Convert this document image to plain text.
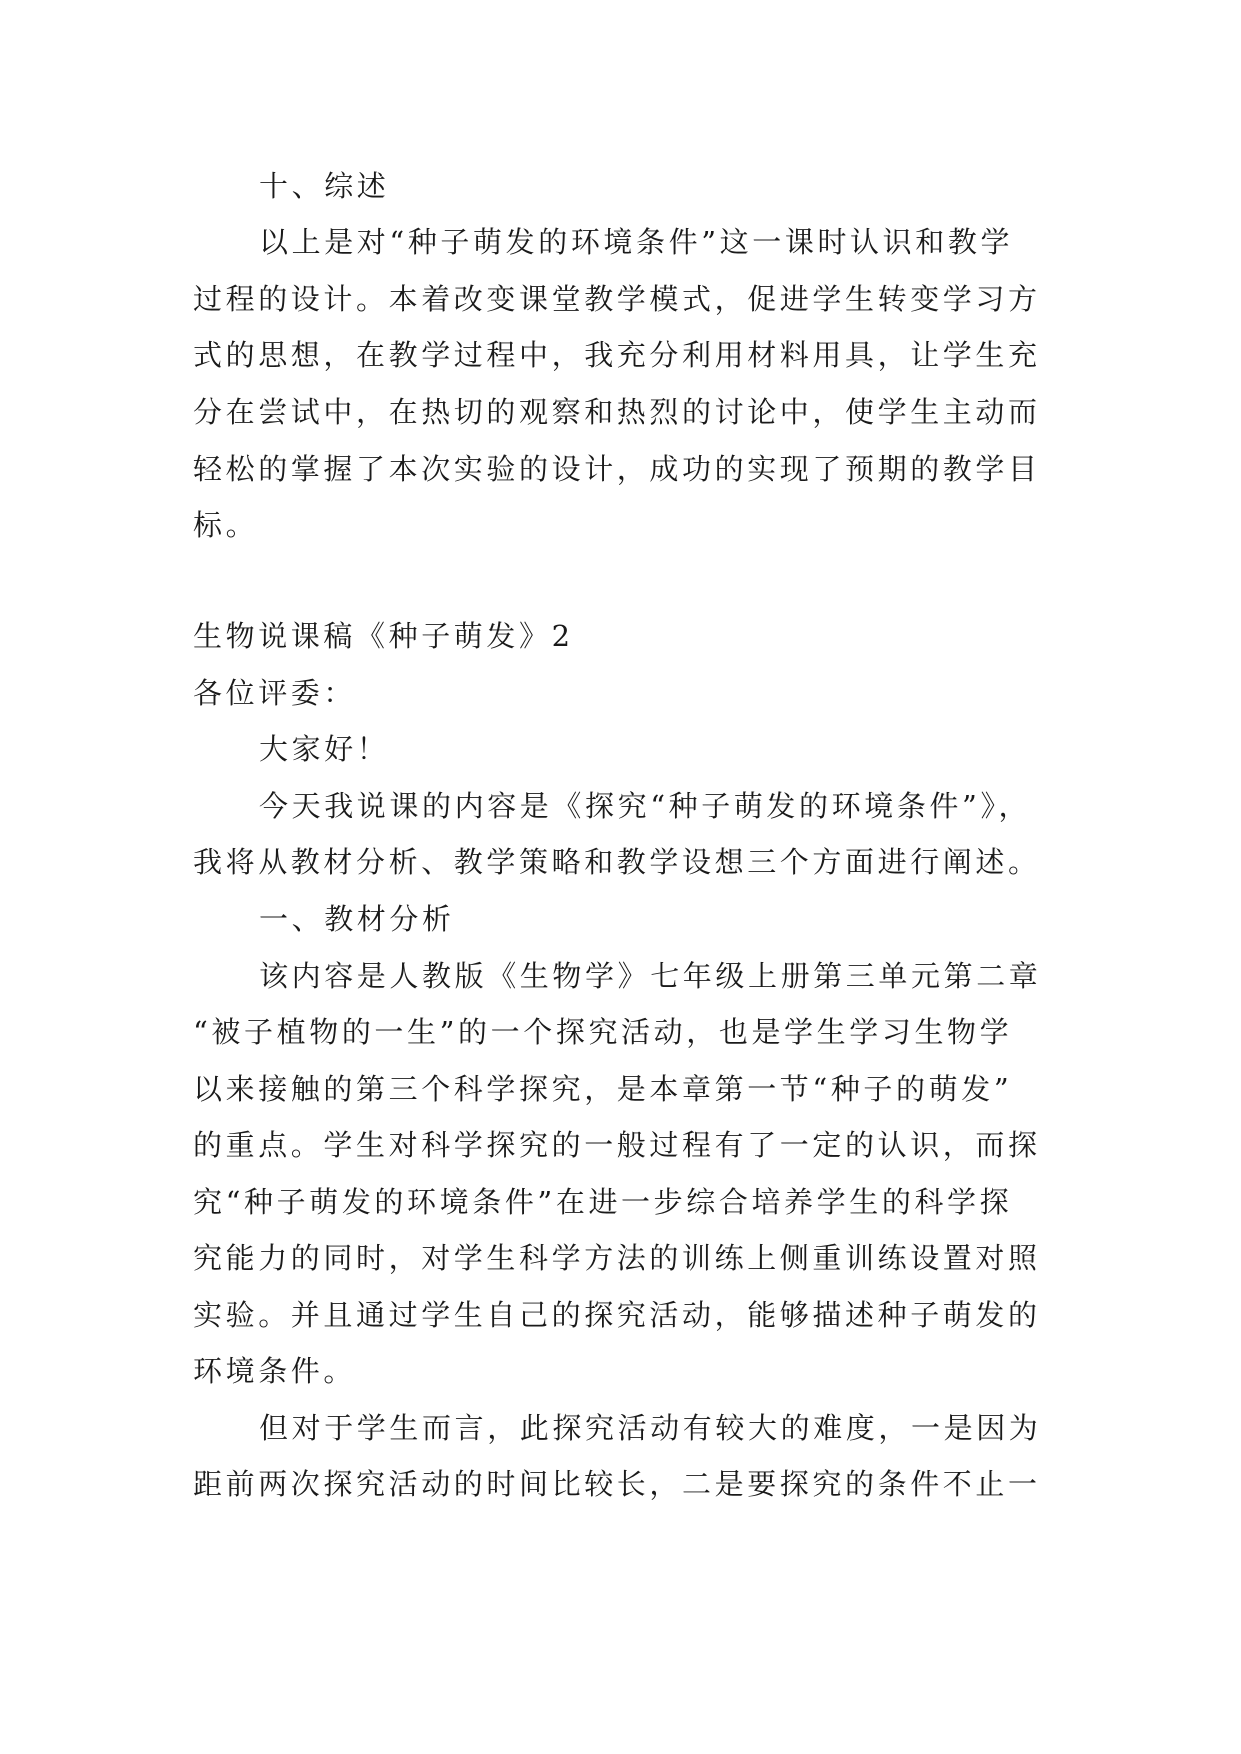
十、综述
以上是对“种子萌发的环境条件”这一课时认识和教学
过程的设计。本着改变课堂教学模式，促进学生转变学习方
式的思想，在教学过程中，我充分利用材料用具，让学生充
分在尝试中，在热切的观察和热烈的讨论中，使学生主动而
轻松的掌握了本次实验的设计，成功的实现了预期的教学目
标。
生物说课稿《种子萌发》2
各位评委：
大家好！
今天我说课的内容是《探究“种子萌发的环境条件”》，
我将从教材分析、教学策略和教学设想三个方面进行阐述。
一、教材分析
该内容是人教版《生物学》七年级上册第三单元第二章
“被子植物的一生”的一个探究活动，也是学生学习生物学
以来接触的第三个科学探究，是本章第一节“种子的萌发”
的重点。学生对科学探究的一般过程有了一定的认识，而探
究“种子萌发的环境条件”在进一步综合培养学生的科学探
究能力的同时，对学生科学方法的训练上侧重训练设置对照
实验。并且通过学生自己的探究活动，能够描述种子萌发的
环境条件。
但对于学生而言，此探究活动有较大的难度，一是因为
距前两次探究活动的时间比较长，二是要探究的条件不止一
